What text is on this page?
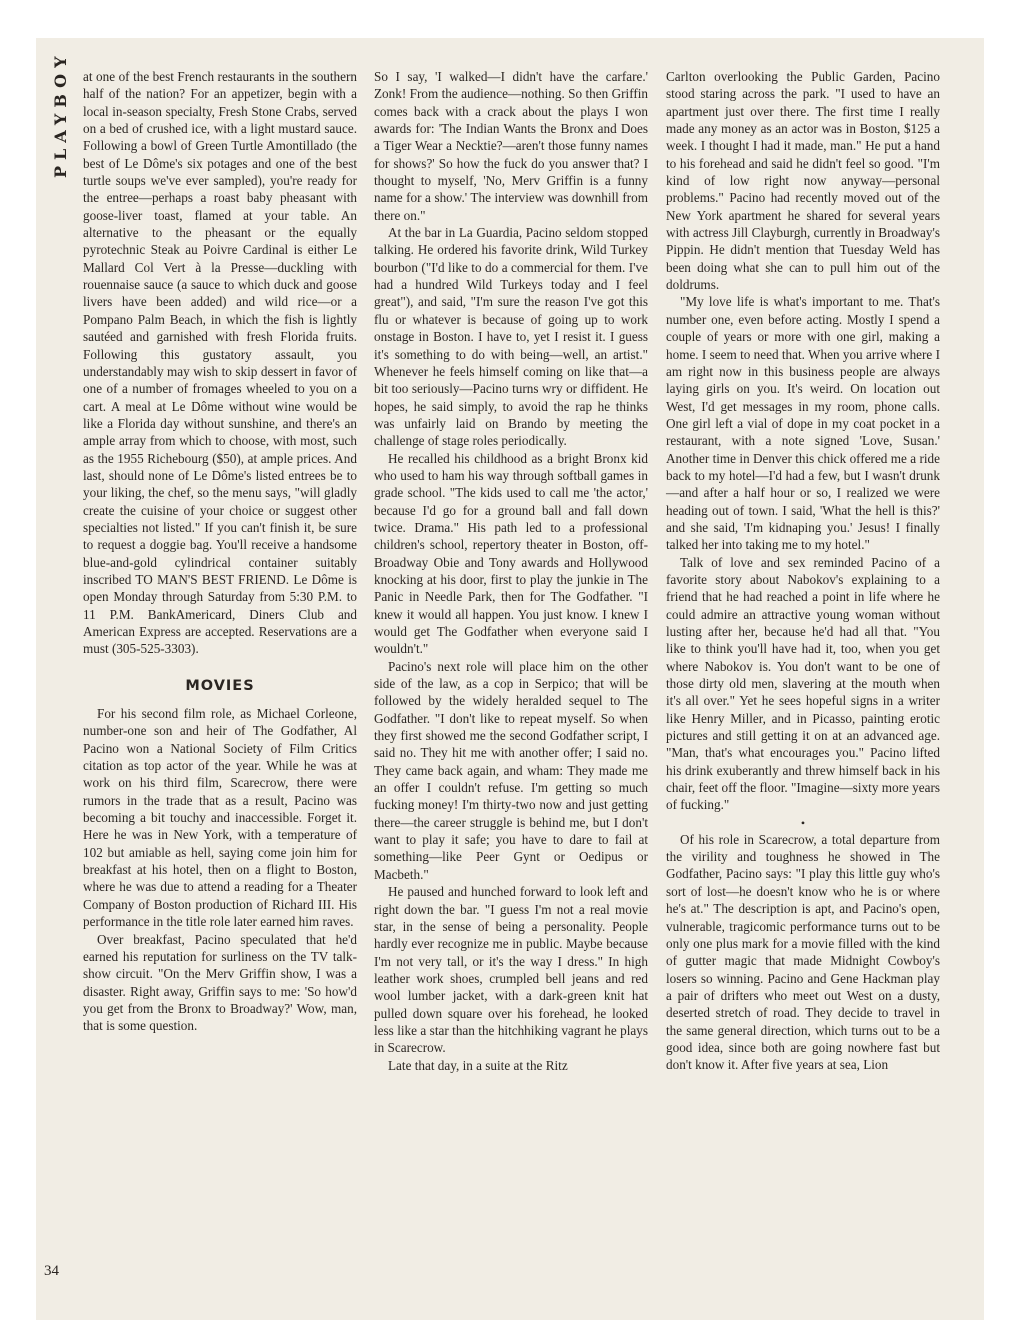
PLAYBOY
34

at one of the best French restaurants in the southern half of the nation? For an appetizer, begin with a local in-season specialty, Fresh Stone Crabs, served on a bed of crushed ice, with a light mustard sauce. Following a bowl of Green Turtle Amontillado (the best of Le Dôme's six potages and one of the best turtle soups we've ever sampled), you're ready for the entree—perhaps a roast baby pheasant with goose-liver toast, flamed at your table. An alternative to the pheasant or the equally pyrotechnic Steak au Poivre Cardinal is either Le Mallard Col Vert à la Presse—duckling with rouennaise sauce (a sauce to which duck and goose livers have been added) and wild rice—or a Pompano Palm Beach, in which the fish is lightly sautéed and garnished with fresh Florida fruits. Following this gustatory assault, you understandably may wish to skip dessert in favor of one of a number of fromages wheeled to you on a cart. A meal at Le Dôme without wine would be like a Florida day without sunshine, and there's an ample array from which to choose, with most, such as the 1955 Richebourg ($50), at ample prices. And last, should none of Le Dôme's listed entrees be to your liking, the chef, so the menu says, "will gladly create the cuisine of your choice or suggest other specialties not listed." If you can't finish it, be sure to request a doggie bag. You'll receive a handsome blue-and-gold cylindrical container suitably inscribed TO MAN'S BEST FRIEND. Le Dôme is open Monday through Saturday from 5:30 P.M. to 11 P.M. BankAmericard, Diners Club and American Express are accepted. Reservations are a must (305-525-3303).

MOVIES

For his second film role, as Michael Corleone, number-one son and heir of The Godfather, Al Pacino won a National Society of Film Critics citation as top actor of the year. While he was at work on his third film, Scarecrow, there were rumors in the trade that as a result, Pacino was becoming a bit touchy and inaccessible. Forget it. Here he was in New York, with a temperature of 102 but amiable as hell, saying come join him for breakfast at his hotel, then on a flight to Boston, where he was due to attend a reading for a Theater Company of Boston production of Richard III. His performance in the title role later earned him raves.

Over breakfast, Pacino speculated that he'd earned his reputation for surliness on the TV talk-show circuit. "On the Merv Griffin show, I was a disaster. Right away, Griffin says to me: 'So how'd you get from the Bronx to Broadway?' Wow, man, that is some question.

So I say, 'I walked—I didn't have the carfare.' Zonk! From the audience—nothing. So then Griffin comes back with a crack about the plays I won awards for: 'The Indian Wants the Bronx and Does a Tiger Wear a Necktie?—aren't those funny names for shows?' So how the fuck do you answer that? I thought to myself, 'No, Merv Griffin is a funny name for a show.' The interview was downhill from there on."

At the bar in La Guardia, Pacino seldom stopped talking. He ordered his favorite drink, Wild Turkey bourbon ("I'd like to do a commercial for them. I've had a hundred Wild Turkeys today and I feel great"), and said, "I'm sure the reason I've got this flu or whatever is because of going up to work onstage in Boston. I have to, yet I resist it. I guess it's something to do with being—well, an artist." Whenever he feels himself coming on like that—a bit too seriously—Pacino turns wry or diffident. He hopes, he said simply, to avoid the rap he thinks was unfairly laid on Brando by meeting the challenge of stage roles periodically.

He recalled his childhood as a bright Bronx kid who used to ham his way through softball games in grade school. "The kids used to call me 'the actor,' because I'd go for a ground ball and fall down twice. Drama." His path led to a professional children's school, repertory theater in Boston, off-Broadway Obie and Tony awards and Hollywood knocking at his door, first to play the junkie in The Panic in Needle Park, then for The Godfather. "I knew it would all happen. You just know. I knew I would get The Godfather when everyone said I wouldn't."

Pacino's next role will place him on the other side of the law, as a cop in Serpico; that will be followed by the widely heralded sequel to The Godfather. "I don't like to repeat myself. So when they first showed me the second Godfather script, I said no. They hit me with another offer; I said no. They came back again, and wham: They made me an offer I couldn't refuse. I'm getting so much fucking money! I'm thirty-two now and just getting there—the career struggle is behind me, but I don't want to play it safe; you have to dare to fail at something—like Peer Gynt or Oedipus or Macbeth."

He paused and hunched forward to look left and right down the bar. "I guess I'm not a real movie star, in the sense of being a personality. People hardly ever recognize me in public. Maybe because I'm not very tall, or it's the way I dress." In high leather work shoes, crumpled bell jeans and red wool lumber jacket, with a dark-green knit hat pulled down square over his forehead, he looked less like a star than the hitchhiking vagrant he plays in Scarecrow.

Late that day, in a suite at the Ritz

Carlton overlooking the Public Garden, Pacino stood staring across the park. "I used to have an apartment just over there. The first time I really made any money as an actor was in Boston, $125 a week. I thought I had it made, man." He put a hand to his forehead and said he didn't feel so good. "I'm kind of low right now anyway—personal problems." Pacino had recently moved out of the New York apartment he shared for several years with actress Jill Clayburgh, currently in Broadway's Pippin. He didn't mention that Tuesday Weld has been doing what she can to pull him out of the doldrums.

"My love life is what's important to me. That's number one, even before acting. Mostly I spend a couple of years or more with one girl, making a home. I seem to need that. When you arrive where I am right now in this business people are always laying girls on you. It's weird. On location out West, I'd get messages in my room, phone calls. One girl left a vial of dope in my coat pocket in a restaurant, with a note signed 'Love, Susan.' Another time in Denver this chick offered me a ride back to my hotel—I'd had a few, but I wasn't drunk—and after a half hour or so, I realized we were heading out of town. I said, 'What the hell is this?' and she said, 'I'm kidnaping you.' Jesus! I finally talked her into taking me to my hotel."

Talk of love and sex reminded Pacino of a favorite story about Nabokov's explaining to a friend that he had reached a point in life where he could admire an attractive young woman without lusting after her, because he'd had all that. "You like to think you'll have had it, too, when you get where Nabokov is. You don't want to be one of those dirty old men, slavering at the mouth when it's all over." Yet he sees hopeful signs in a writer like Henry Miller, and in Picasso, painting erotic pictures and still getting it on at an advanced age. "Man, that's what encourages you." Pacino lifted his drink exuberantly and threw himself back in his chair, feet off the floor. "Imagine—sixty more years of fucking."

•

Of his role in Scarecrow, a total departure from the virility and toughness he showed in The Godfather, Pacino says: "I play this little guy who's sort of lost—he doesn't know who he is or where he's at." The description is apt, and Pacino's open, vulnerable, tragicomic performance turns out to be only one plus mark for a movie filled with the kind of gutter magic that made Midnight Cowboy's losers so winning. Pacino and Gene Hackman play a pair of drifters who meet out West on a dusty, deserted stretch of road. They decide to travel in the same general direction, which turns out to be a good idea, since both are going nowhere fast but don't know it. After five years at sea, Lion
